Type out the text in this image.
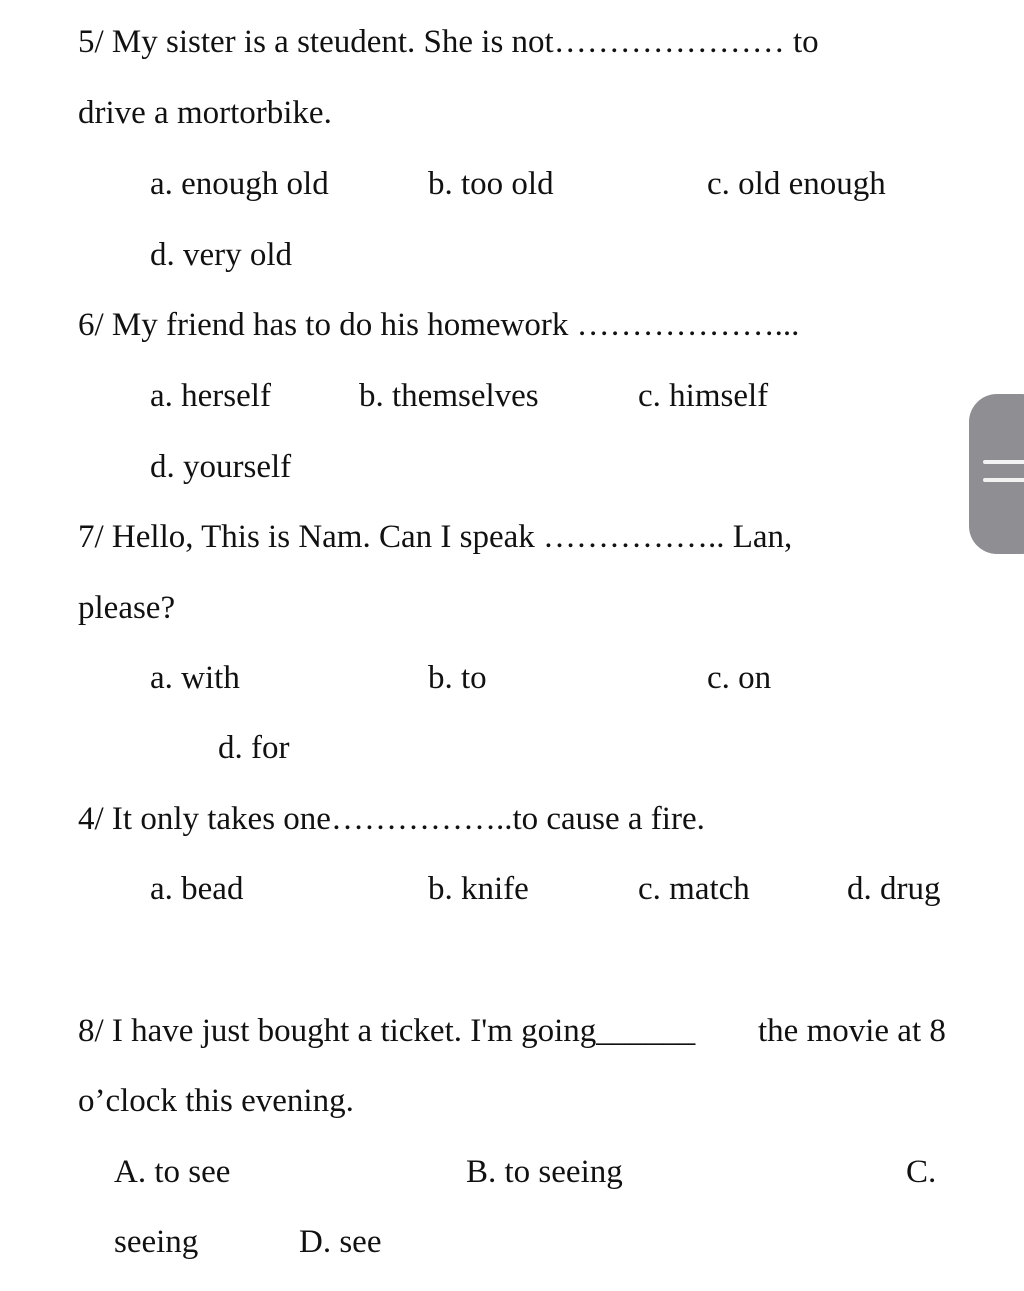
5/ My sister is a steudent. She is not………………… to
drive a mortorbike.
a. enough old	b. too old	c. old enough
d. very old
6/ My friend has to do his homework ………………...
a. herself	b. themselves	c. himself
d. yourself
7/ Hello, This is Nam. Can I speak …………….. Lan,
please?
a. with	b. to	c. on
d. for
4/ It only takes one……………..to cause a fire.
a. bead	b. knife	c. match	d. drug
8/ I have just bought a ticket. I'm going______ the movie at 8
o’clock this evening.
A. to see	B. to seeing	C.
seeing	D. see
